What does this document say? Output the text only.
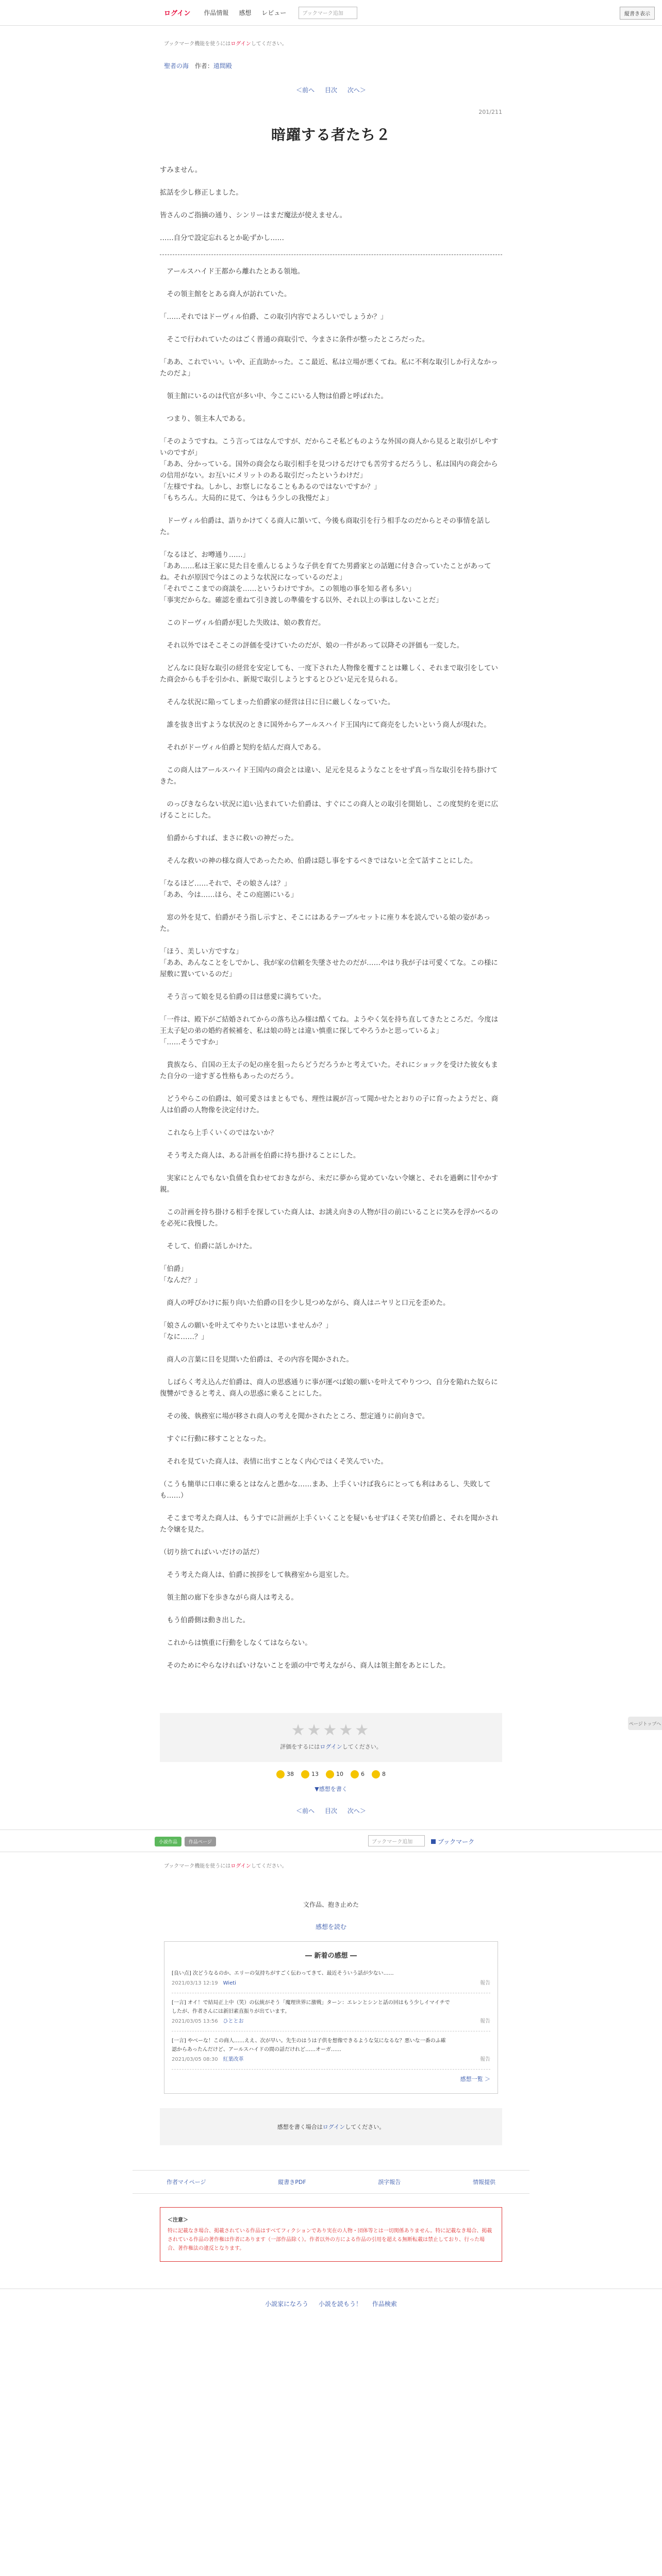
ログイン 作品情報 感想 レビュー	ブックマーク追加	縦書き表示
ブックマーク機能を使うにはログインしてください。
聖者の海 作者：遠間殿
＜前へ 目次 次へ＞
201/211
暗躍する者たち２
すみません。
拡話を少し修正しました。
皆さんのご指摘の通り、シンリーはまだ魔法が使えません。
……自分で設定忘れるとか恥ずかし……
　アールスハイド王都から離れたとある領地。
　その領主館をとある商人が訪れていた。
「……それではドーヴィル伯爵、この取引内容でよろしいでしょうか？」
　そこで行われていたのはごく普通の商取引で、今まさに条件が整ったところだった。
「ああ、これでいい。いや、正直助かった。ここ最近、私は立場が悪くてね。私に不利な取引しか行えなかったのだよ」
　領主館にいるのは代官が多い中、今ここにいる人物は伯爵と呼ばれた。
　つまり、領主本人である。
「そのようですね。こう言ってはなんですが、だからこそ私どものような外国の商人から見ると取引がしやすいのですが」
「ああ、分かっている。国外の商会なら取引相手を見つけるだけでも苦労するだろうし、私は国内の商会からの信用がない。お互いにメリットのある取引だったというわけだ」
「左様ですね。しかし、お察しになることもあるのではないですか？」
「もちろん。大局的に見て、今はもう少しの我慢だよ」
　ドーヴィル伯爵は、語りかけてくる商人に頷いて、今後も商取引を行う相手なのだからとその事情を話した。
「なるほど、お噂通り……」
「ああ……私は王家に見た目を重んじるような子供を育てた男爵家との話題に付き合っていたことがあってね。それが原因で今はこのような状況になっているのだよ」
「それでここまでの商談を……というわけですか。この領地の事を知る者も多い」
「事実だからな。確認を重ねて引き渡しの準備をする以外、それ以上の事はしないことだ」
　このドーヴィル伯爵が犯した失敗は、娘の教育だ。
　それ以外ではそこそこの評価を受けていたのだが、娘の一件があって以降その評価も一変した。
　どんなに良好な取引の経営を安定しても、一度下された人物像を覆すことは難しく、それまで取引をしていた商会からも手を引かれ、新規で取引しようとするとひどい足元を見られる。
　そんな状況に陥ってしまった伯爵家の経営は日に日に厳しくなっていた。
　誰を抜き出すような状況のときに国外からアールスハイド王国内にて商売をしたいという商人が現れた。
　それがドーヴィル伯爵と契約を結んだ商人である。
　この商人はアールスハイド王国内の商会とは違い、足元を見るようなことをせず真っ当な取引を持ち掛けてきた。
　のっぴきならない状況に追い込まれていた伯爵は、すぐにこの商人との取引を開始し、この度契約を更に広げることにした。
　伯爵からすれば、まさに救いの神だった。
　そんな救いの神の様な商人であったため、伯爵は隠し事をするべきではないと全て話すことにした。
「なるほど……それで、その娘さんは？」
「ああ、今は……ほら、そこの庭園にいる」
　窓の外を見て、伯爵がそう指し示すと、そこにはあるテーブルセットに座り本を読んでいる娘の姿があった。
「ほう、美しい方ですな」
「ああ、あんなことをしでかし、我が家の信頼を失墜させたのだが……やはり我が子は可愛くてな。この様に屋敷に置いているのだ」
　そう言って娘を見る伯爵の目は慈愛に満ちていた。
「一件は、殿下がご結婚されてからの落ち込み様は酷くてね。ようやく気を持ち直してきたところだ。今度は王太子妃の弟の婚約者候補を、私は娘の時とは違い慎重に探してやろうかと思っているよ」
「……そうですか」
　貴族なら、自国の王太子の妃の座を狙ったらどうだろうかと考えていた。それにショックを受けた彼女もまた自分の一途すぎる性格もあったのだろう。
　どうやらこの伯爵は、娘可愛さはまともでも、理性は親が言って聞かせたとおりの子に育ったようだと、商人は伯爵の人物像を決定付けた。
　これなら上手くいくのではないか？
　そう考えた商人は、ある計画を伯爵に持ち掛けることにした。
　実家にとんでもない負債を負わせておきながら、未だに夢から覚めていない令嬢と、それを過剰に甘やかす親。
　この計画を持ち掛ける相手を探していた商人は、お誂え向きの人物が目の前にいることに笑みを浮かべるのを必死に我慢した。
　そして、伯爵に話しかけた。
「伯爵」
「なんだ？」
　商人の呼びかけに振り向いた伯爵の目を少し見つめながら、商人はニヤリと口元を歪めた。
「娘さんの願いを叶えてやりたいとは思いませんか？」
「なに……？」
　商人の言葉に目を見開いた伯爵は、その内容を聞かされた。
　しばらく考え込んだ伯爵は、商人の思惑通りに事が運べば娘の願いを叶えてやりつつ、自分を陥れた奴らに復讐ができると考え、商人の思惑に乗ることにした。
　その後、執務室に場が移され商人の考えを聞かされたところ、想定通りに前向きで。
　すぐに行動に移すこととなった。
　それを見ていた商人は、表情に出すことなく内心ではくそ笑んでいた。
（こうも簡単に口車に乗るとはなんと愚かな……まあ、上手くいけば我らにとっても利はあるし、失敗しても……）
　そこまで考えた商人は、もうすでに計画が上手くいくことを疑いもせずほくそ笑む伯爵と、それを聞かされた令嬢を見た。
（切り捨てればいいだけの話だ）
　そう考えた商人は、伯爵に挨拶をして執務室から退室した。
　領主館の廊下を歩きながら商人は考える。
　もう伯爵側は動き出した。
　これからは慎重に行動をしなくてはならない。
　そのためにやらなければいけないことを頭の中で考えながら、商人は領主館をあとにした。
ページトップへ
★★★★★
評価をするにはログインしてください。
38	13	10	6	8
▼感想を書く
＜前へ 目次 次へ＞
小説作品	作品ページ	ブックマーク追加	ブックマーク
ブックマーク機能を使うにはログインしてください。
文作品、抱き止めた
感想を読む
― 新着の感想 ―
[良い点] 次どうなるのか、エリーの気持ちがすごく伝わってきて、最近そういう話が少ない……
2021/03/13 12:19 Wieti	報告
[一言] オイ！で結局正上中（笑）の伝統がそう「魔理世界に激戦」ターン：エレンとシンと話の回はもう少しイマイチでしたが、作者さんには新旧素直振りが出ています。
2021/03/05 13:56 ひととお	報告
[一言] やべーな！この商人……ええ、次が早い。先生のはうは子供を想像できるような気になるな？悪いな一番のふ確認からあったんだけど、アールスハイドの間の話だけれど……オーガ……
2021/03/05 08:30 紅葉改革	報告
感想一覧 ＞
感想を書く場合はログインしてください。
作者マイページ	縦書きPDF	誤字報告	情報提供
＜注意＞
特に記載なき場合、掲載されている作品はすべてフィクションであり実在の人物・団体等とは一切関係ありません。特に記載なき場合、掲載されている作品の著作権は作者にあります（一部作品除く）。作者以外の方による作品の引用を超える無断転載は禁止しており、行った場合、著作権法の違反となります。
小説家になろう 小説を読もう！ 作品検索
